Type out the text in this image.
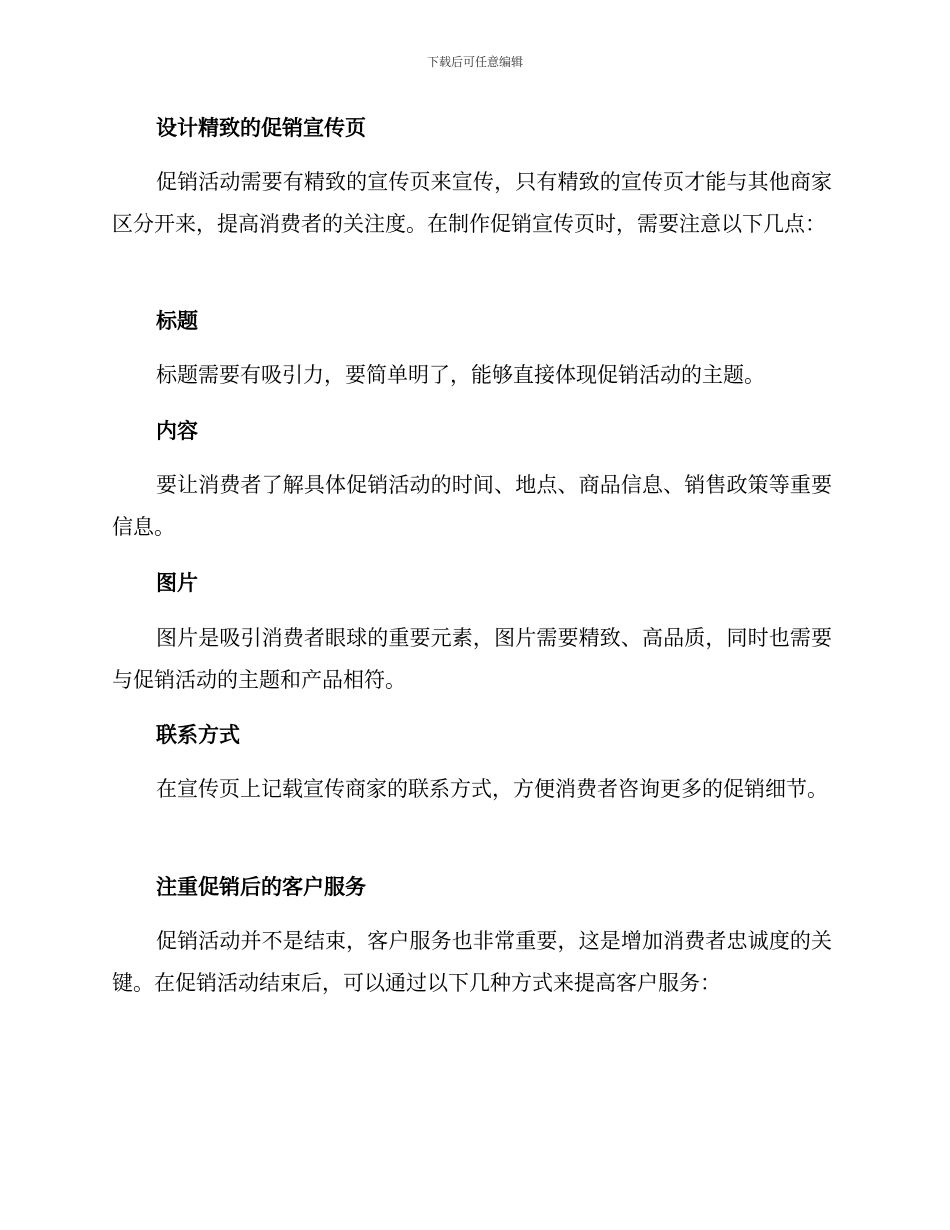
下载后可任意编辑
设计精致的促销宣传页
促销活动需要有精致的宣传页来宣传，只有精致的宣传页才能与其他商家区分开来，提高消费者的关注度。在制作促销宣传页时，需要注意以下几点：
标题
标题需要有吸引力，要简单明了，能够直接体现促销活动的主题。
内容
要让消费者了解具体促销活动的时间、地点、商品信息、销售政策等重要信息。
图片
图片是吸引消费者眼球的重要元素，图片需要精致、高品质，同时也需要与促销活动的主题和产品相符。
联系方式
在宣传页上记载宣传商家的联系方式，方便消费者咨询更多的促销细节。
注重促销后的客户服务
促销活动并不是结束，客户服务也非常重要，这是增加消费者忠诚度的关键。在促销活动结束后，可以通过以下几种方式来提高客户服务：
